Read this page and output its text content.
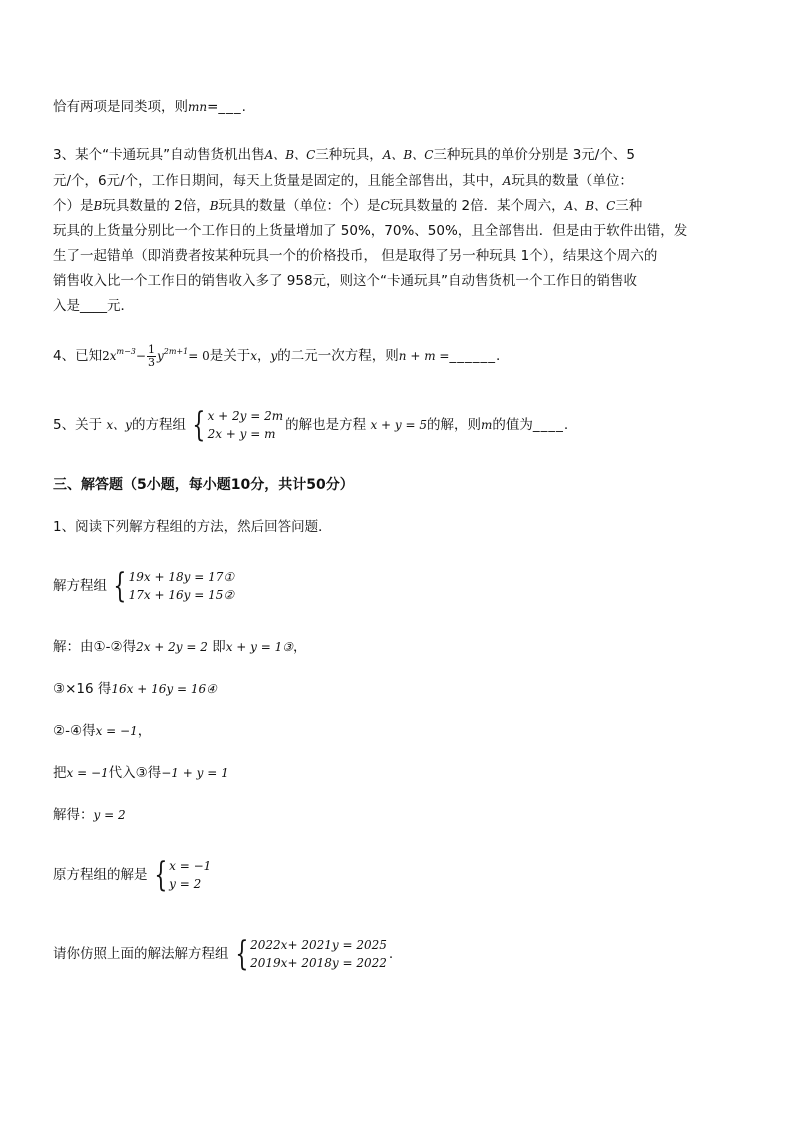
恰有两项是同类项，则mn=___.
3、某个“卡通玩具”自动售货机出售A、B、C三种玩具，A、B、C三种玩具的单价分别是 3元/个、5
元/个，6元/个，工作日期间，每天上货量是固定的，且能全部售出，其中，A玩具的数量（单位：
个）是B玩具数量的 2倍，B玩具的数量（单位：个）是C玩具数量的 2倍．某个周六，A、B、C三种
玩具的上货量分别比一个工作日的上货量增加了 50%，70%、50%，且全部售出．但是由于软件出错，发
生了一起错单（即消费者按某种玩具一个的价格投币， 但是取得了另一种玩具 1个），结果这个周六的
销售收入比一个工作日的销售收入多了 958元，则这个“卡通玩具”自动售货机一个工作日的销售收
入是____元．
4、已知$2x^{m-3}- \frac{1}{3} y^{2m+1}= 0$是关于x，y的二元一次方程，则n + m =______.
5、关于 x、y的方程组 { x + 2y = 2m
2x + y = m
的解也是方程 x + y = 5的解，则m的值为____.
三、解答题（5小题，每小题10分，共计50分）
1、阅读下列解方程组的方法，然后回答问题．
解方程组 { 19x + 18y = 17①
17x + 16y = 15②
解：由①-②得2x + 2y = 2 即x + y = 1③，
③×16 得16x + 16y = 16④
②-④得x = −1，
把x = −1代入③得−1 + y = 1
解得：y = 2
原方程组的解是 { x = −1
y = 2
请你仿照上面的解法解方程组 { 2022x+ 2021y = 2025
2019x+ 2018y = 2022
.
